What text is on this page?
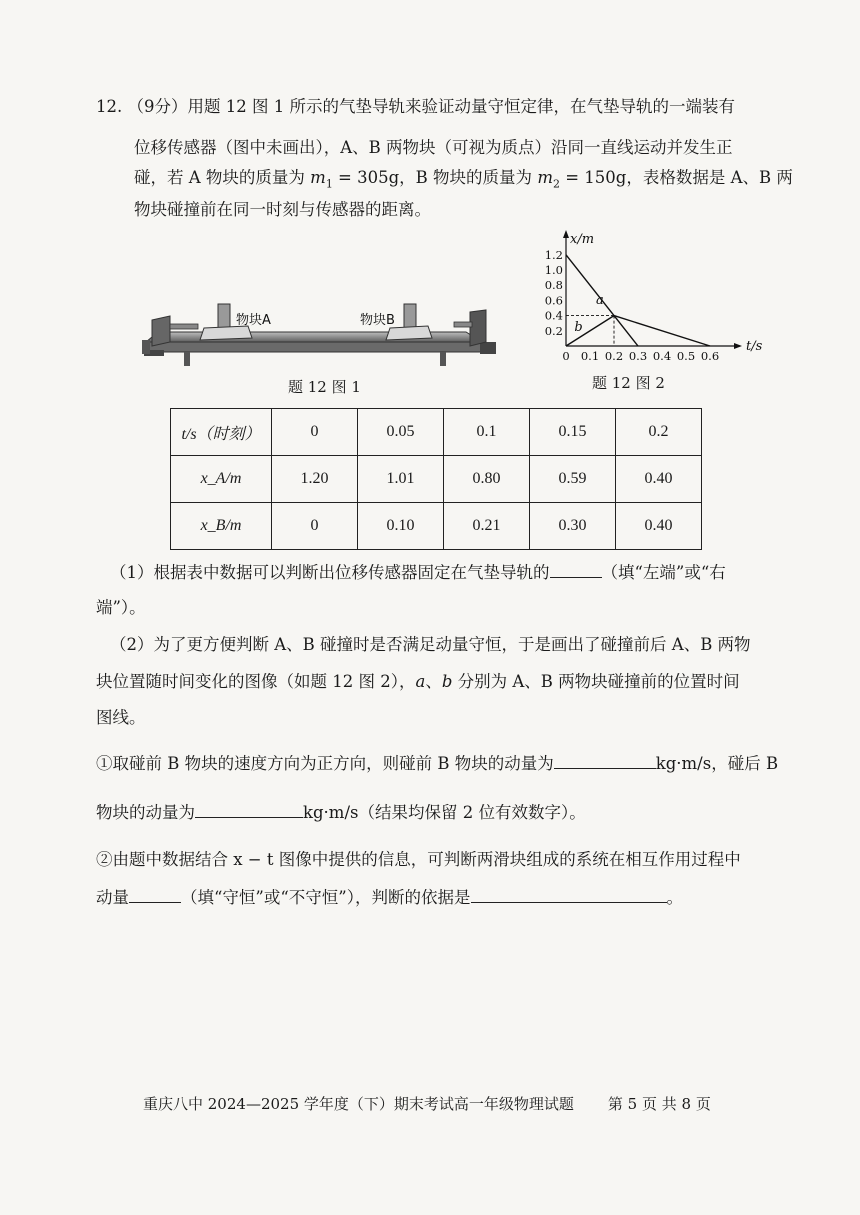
12. （9分）用题 12 图 1 所示的气垫导轨来验证动量守恒定律，在气垫导轨的一端装有
位移传感器（图中未画出），A、B 两物块（可视为质点）沿同一直线运动并发生正
碰，若 A 物块的质量为 $m_1 = 305g$，B 物块的质量为 $m_2 = 150g$，表格数据是 A、B 两
物块碰撞前在同一时刻与传感器的距离。
物块A	物块B
题 12 图 1
x/m
t/s
1.2
1.0
0.8
0.6
0.4
0.2
0 0.1 0.2 0.3 0.4 0.5 0.6
a
b
题 12 图 2
t/s（时刻）	0	0.05	0.1	0.15	0.2
x_A/m	1.20	1.01	0.80	0.59	0.40
x_B/m	0	0.10	0.21	0.30	0.40
（1）根据表中数据可以判断出位移传感器固定在气垫导轨的	（填“左端”或“右
端”）。
（2）为了更方便判断 A、B 碰撞时是否满足动量守恒，于是画出了碰撞前后 A、B 两物
块位置随时间变化的图像（如题 12 图 2），a、b 分别为 A、B 两物块碰撞前的位置时间
图线。
①取碰前 B 物块的速度方向为正方向，则碰前 B 物块的动量为	kg·m/s，碰后 B
物块的动量为	kg·m/s（结果均保留 2 位有效数字）。
②由题中数据结合 x − t 图像中提供的信息，可判断两滑块组成的系统在相互作用过程中
动量	（填“守恒”或“不守恒”），判断的依据是	。
重庆八中 2024—2025 学年度（下）期末考试高一年级物理试题 第 5 页 共 8 页
